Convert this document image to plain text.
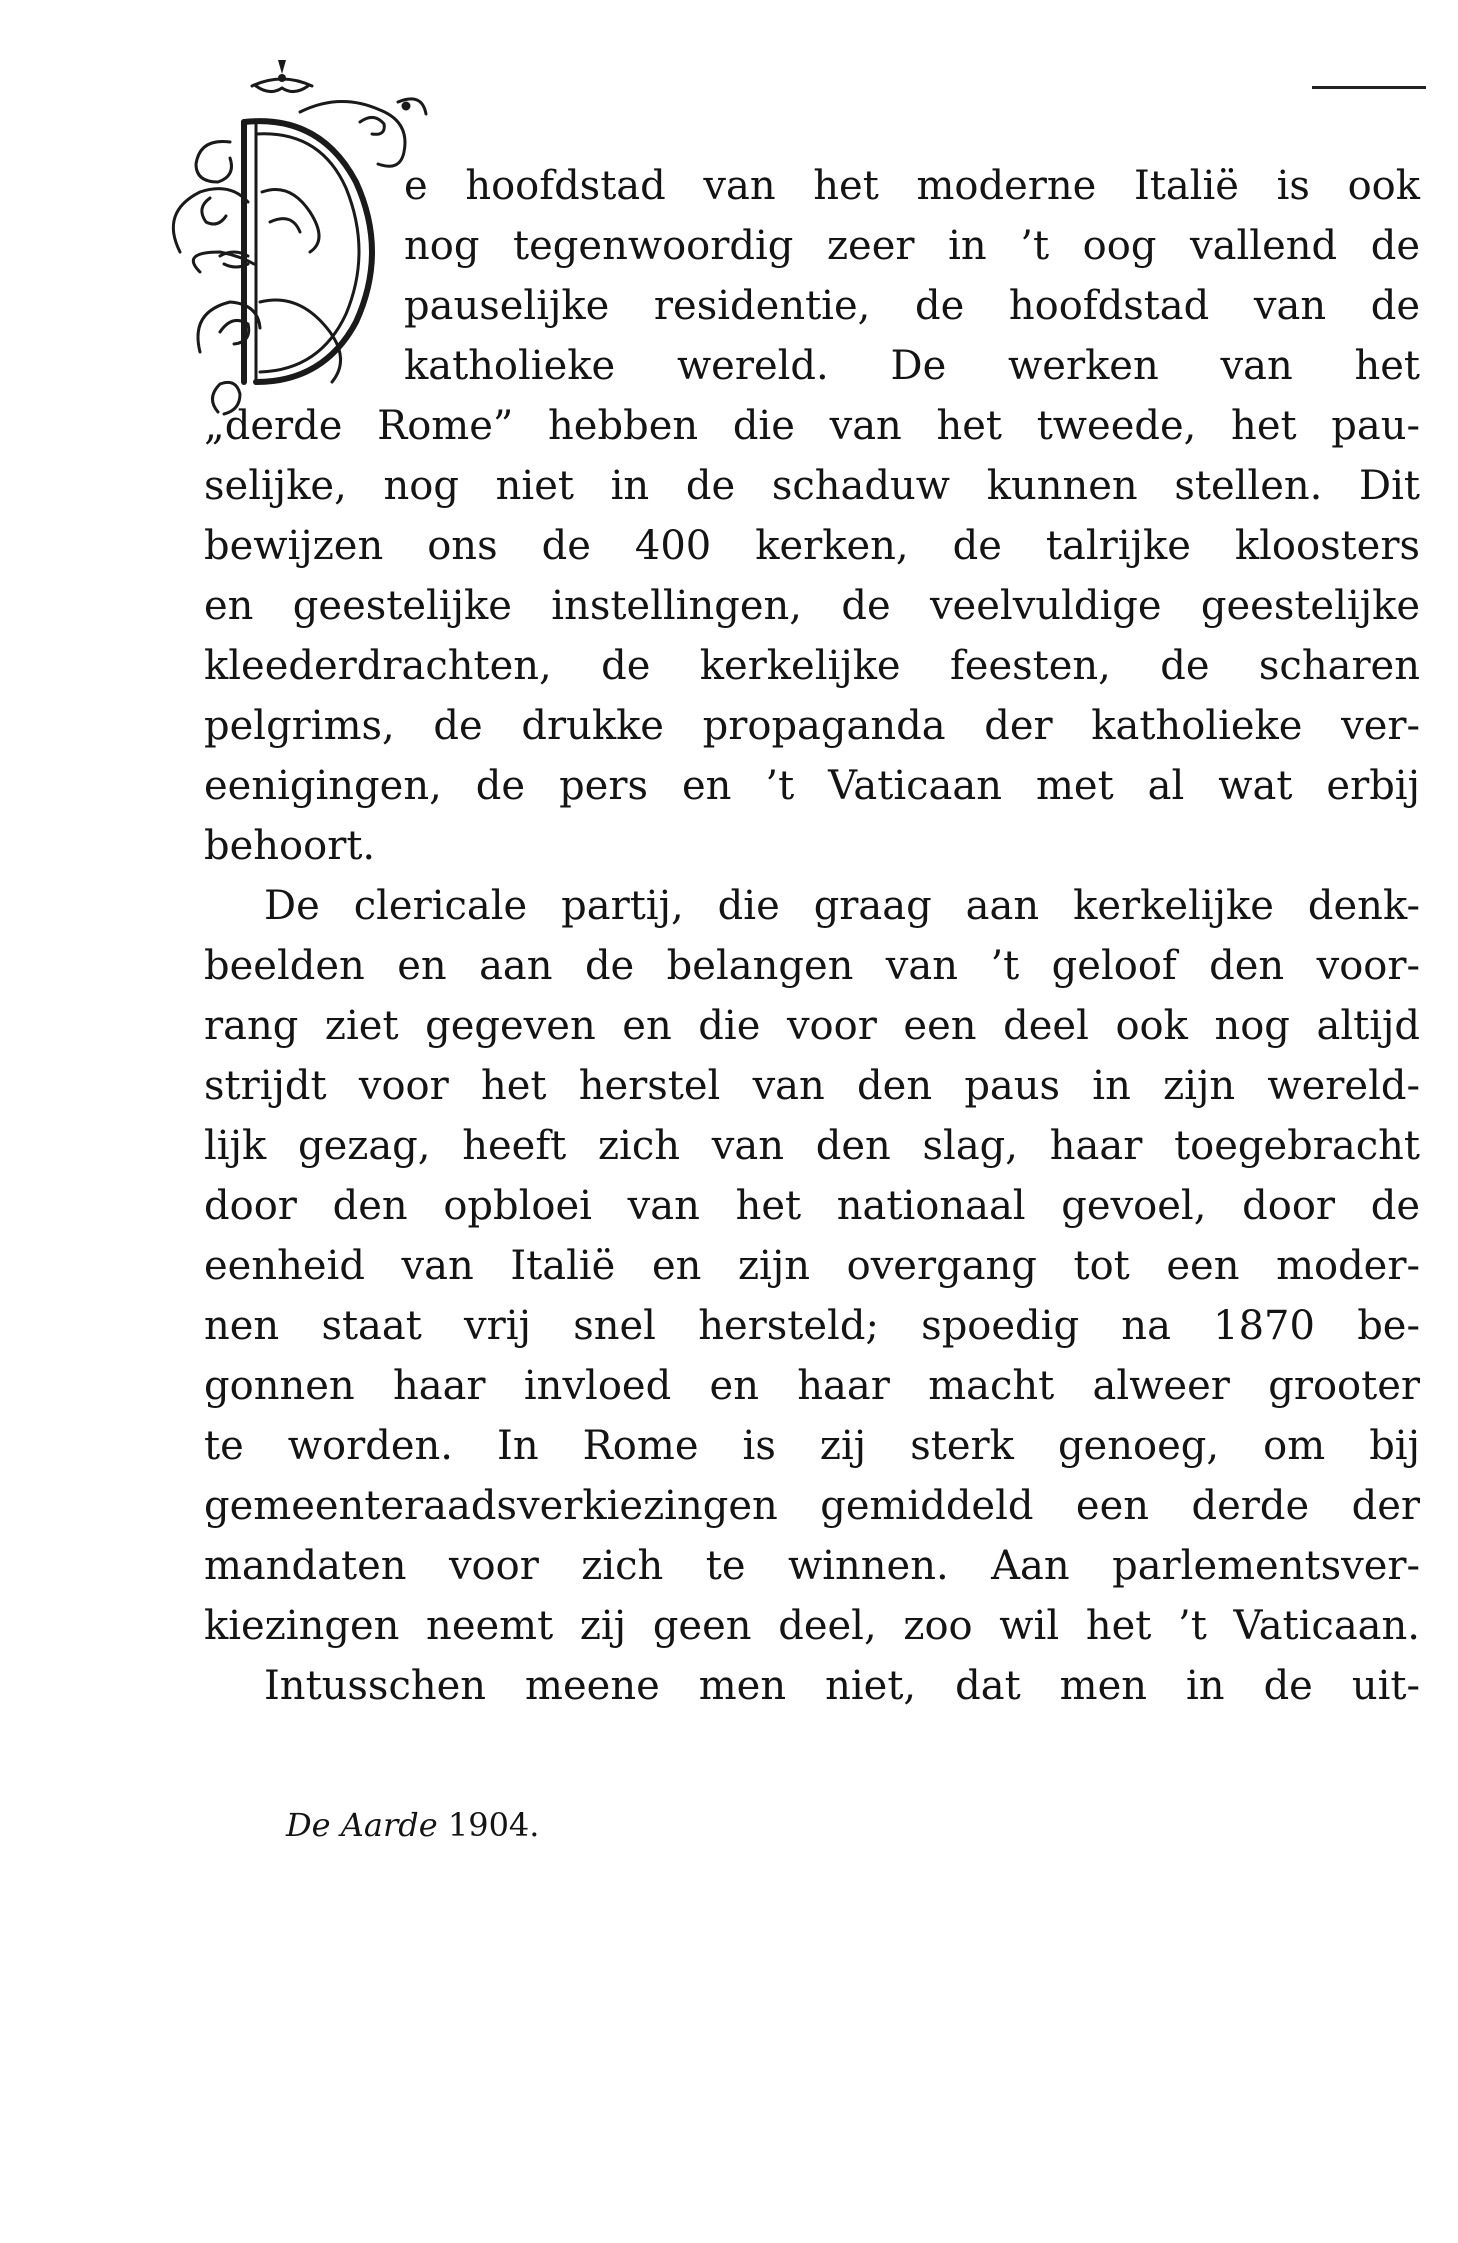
e hoofdstad van het moderne Italië is ook
nog tegenwoordig zeer in ’t oog vallend de
pauselijke residentie, de hoofdstad van de
katholieke wereld. De werken van het
„derde Rome” hebben die van het tweede, het pau-
selijke, nog niet in de schaduw kunnen stellen. Dit
bewijzen ons de 400 kerken, de talrijke kloosters
en geestelijke instellingen, de veelvuldige geestelijke
kleederdrachten, de kerkelijke feesten, de scharen
pelgrims, de drukke propaganda der katholieke ver-
eenigingen, de pers en ’t Vaticaan met al wat erbij
behoort.
De clericale partij, die graag aan kerkelijke denk-
beelden en aan de belangen van ’t geloof den voor-
rang ziet gegeven en die voor een deel ook nog altijd
strijdt voor het herstel van den paus in zijn wereld-
lijk gezag, heeft zich van den slag, haar toegebracht
door den opbloei van het nationaal gevoel, door de
eenheid van Italië en zijn overgang tot een moder-
nen staat vrij snel hersteld; spoedig na 1870 be-
gonnen haar invloed en haar macht alweer grooter
te worden. In Rome is zij sterk genoeg, om bij
gemeenteraadsverkiezingen gemiddeld een derde der
mandaten voor zich te winnen. Aan parlementsver-
kiezingen neemt zij geen deel, zoo wil het ’t Vaticaan.
Intusschen meene men niet, dat men in de uit-
De Aarde 1904.
